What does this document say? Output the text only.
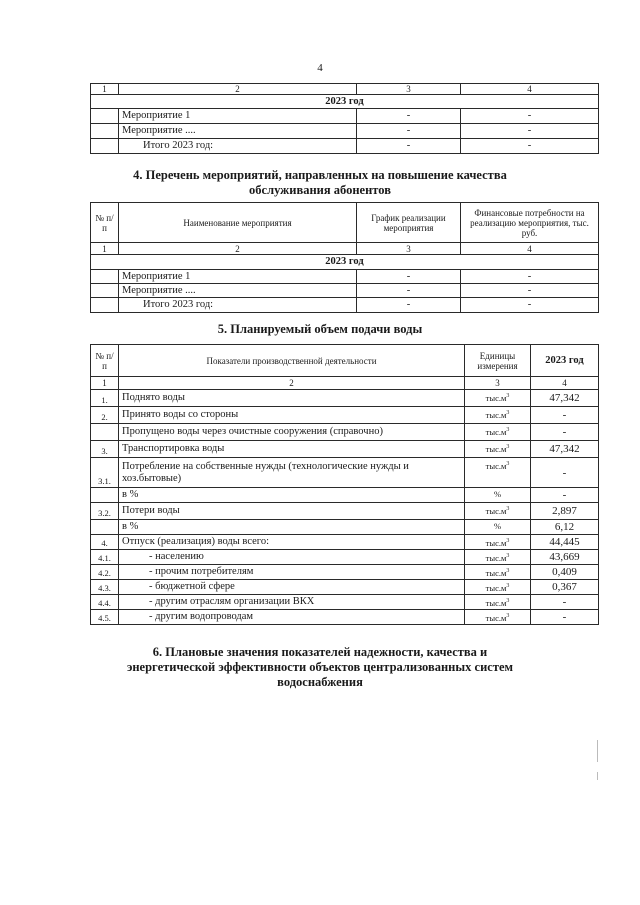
4
1	2	3	4
2023 год			
	Мероприятие 1	-	-
	Мероприятие ....	-	-
	Итого 2023 год:	-	-
4. Перечень мероприятий, направленных на повышение качества
обслуживания абонентов
№ п/п	Наименование мероприятия	График реализации мероприятия	Финансовые потребности на реализацию мероприятия, тыс. руб.
1	2	3	4
2023 год			
	Мероприятие 1	-	-
	Мероприятие ....	-	-
	Итого 2023 год:	-	-
5. Планируемый объем подачи воды
№ п/п	Показатели производственной деятельности	Единицы измерения	2023 год
1	2	3	4
1.	Поднято воды	$тыс.м^3$	47,342
2.	Принято воды со стороны	$тыс.м^3$	-
	Пропущено воды через очистные сооружения (справочно)	$тыс.м^3$	-
3.	Транспортировка воды	$тыс.м^3$	47,342
3.1.	Потребление на собственные нужды (технологические нужды и хоз.бытовые)	$тыс.м^3$	-
	в %	%	-
3.2.	Потери воды	$тыс.м^3$	2,897
	в %	%	6,12
4.	Отпуск (реализация) воды всего:	$тыс.м^3$	44,445
4.1.	- населению	$тыс.м^3$	43,669
4.2.	- прочим потребителям	$тыс.м^3$	0,409
4.3.	- бюджетной сфере	$тыс.м^3$	0,367
4.4.	- другим отраслям организации ВКХ	$тыс.м^3$	-
4.5.	- другим водопроводам	$тыс.м^3$	-
6. Плановые значения показателей надежности, качества и
энергетической эффективности объектов централизованных систем
водоснабжения
